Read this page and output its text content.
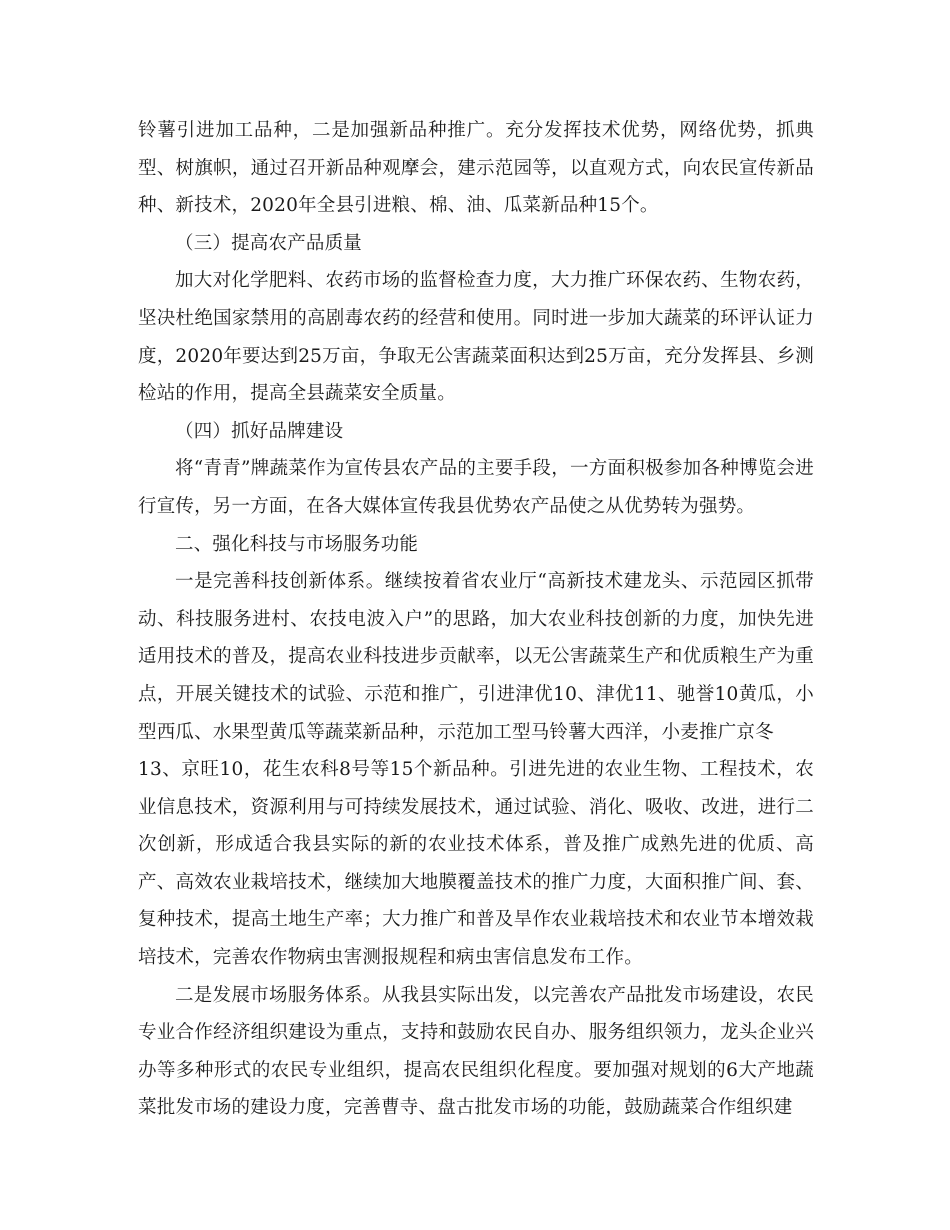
铃薯引进加工品种，二是加强新品种推广。充分发挥技术优势，网络优势，抓典型、树旗帜，通过召开新品种观摩会，建示范园等，以直观方式，向农民宣传新品种、新技术，2020年全县引进粮、棉、油、瓜菜新品种15个。

（三）提高农产品质量

加大对化学肥料、农药市场的监督检查力度，大力推广环保农药、生物农药，坚决杜绝国家禁用的高剧毒农药的经营和使用。同时进一步加大蔬菜的环评认证力度，2020年要达到25万亩，争取无公害蔬菜面积达到25万亩，充分发挥县、乡测检站的作用，提高全县蔬菜安全质量。

（四）抓好品牌建设

将“青青”牌蔬菜作为宣传县农产品的主要手段，一方面积极参加各种博览会进行宣传，另一方面，在各大媒体宣传我县优势农产品使之从优势转为强势。

二、强化科技与市场服务功能

一是完善科技创新体系。继续按着省农业厅“高新技术建龙头、示范园区抓带动、科技服务进村、农技电波入户”的思路，加大农业科技创新的力度，加快先进适用技术的普及，提高农业科技进步贡献率，以无公害蔬菜生产和优质粮生产为重点，开展关键技术的试验、示范和推广，引进津优10、津优11、驰誉10黄瓜，小型西瓜、水果型黄瓜等蔬菜新品种，示范加工型马铃薯大西洋，小麦推广京冬

13、京旺10，花生农科8号等15个新品种。引进先进的农业生物、工程技术，农业信息技术，资源利用与可持续发展技术，通过试验、消化、吸收、改进，进行二次创新，形成适合我县实际的新的农业技术体系，普及推广成熟先进的优质、高产、高效农业栽培技术，继续加大地膜覆盖技术的推广力度，大面积推广间、套、复种技术，提高土地生产率；大力推广和普及旱作农业栽培技术和农业节本增效栽培技术，完善农作物病虫害测报规程和病虫害信息发布工作。

二是发展市场服务体系。从我县实际出发，以完善农产品批发市场建设，农民专业合作经济组织建设为重点，支持和鼓励农民自办、服务组织领力，龙头企业兴办等多种形式的农民专业组织，提高农民组织化程度。要加强对规划的6大产地蔬菜批发市场的建设力度，完善曹寺、盘古批发市场的功能，鼓励蔬菜合作组织建
